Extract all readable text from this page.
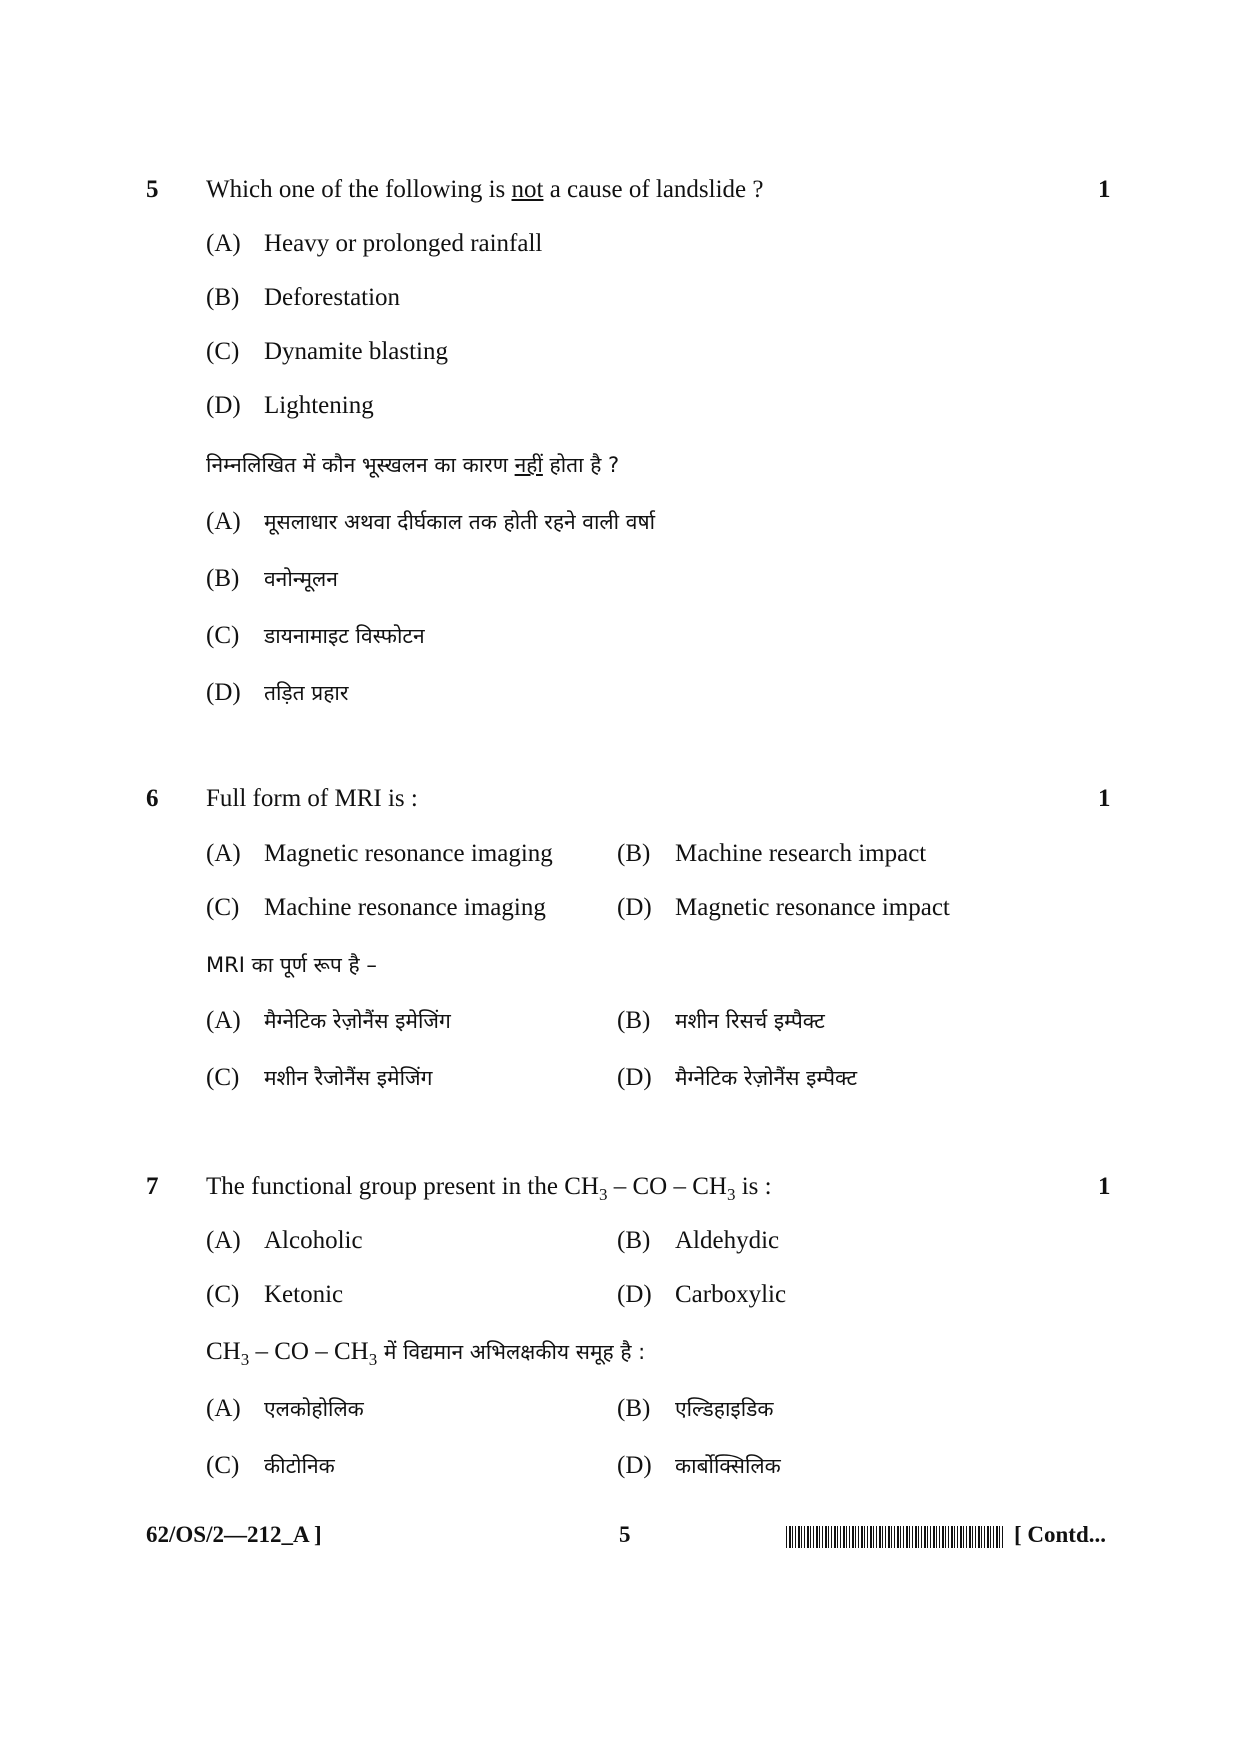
5 Which one of the following is not a cause of landslide ?	1
(A) Heavy or prolonged rainfall
(B) Deforestation
(C) Dynamite blasting
(D) Lightening
निम्नलिखित में कौन भूस्खलन का कारण नहीं होता है ?
(A) मूसलाधार अथवा दीर्घकाल तक होती रहने वाली वर्षा
(B) वनोन्मूलन
(C) डायनामाइट विस्फोटन
(D) तड़ित प्रहार
6 Full form of MRI is :	1
(A) Magnetic resonance imaging	(B) Machine research impact
(C) Machine resonance imaging	(D) Magnetic resonance impact
MRI का पूर्ण रूप है –
(A) मैग्नेटिक रेज़ोनैंस इमेजिंग	(B) मशीन रिसर्च इम्पैक्ट
(C) मशीन रैजोनैंस इमेजिंग	(D) मैग्नेटिक रेज़ोनैंस इम्पैक्ट
7 The functional group present in the $CH_3$ – CO – $CH_3$ is :	1
(A) Alcoholic	(B) Aldehydic
(C) Ketonic	(D) Carboxylic
$CH_3$ – CO – $CH_3$ में विद्यमान अभिलक्षकीय समूह है :
(A) एलकोहोलिक	(B) एल्डिहाइडिक
(C) कीटोनिक	(D) कार्बोक्सिलिक
62/OS/2—212_A ]	5	[ Contd...
